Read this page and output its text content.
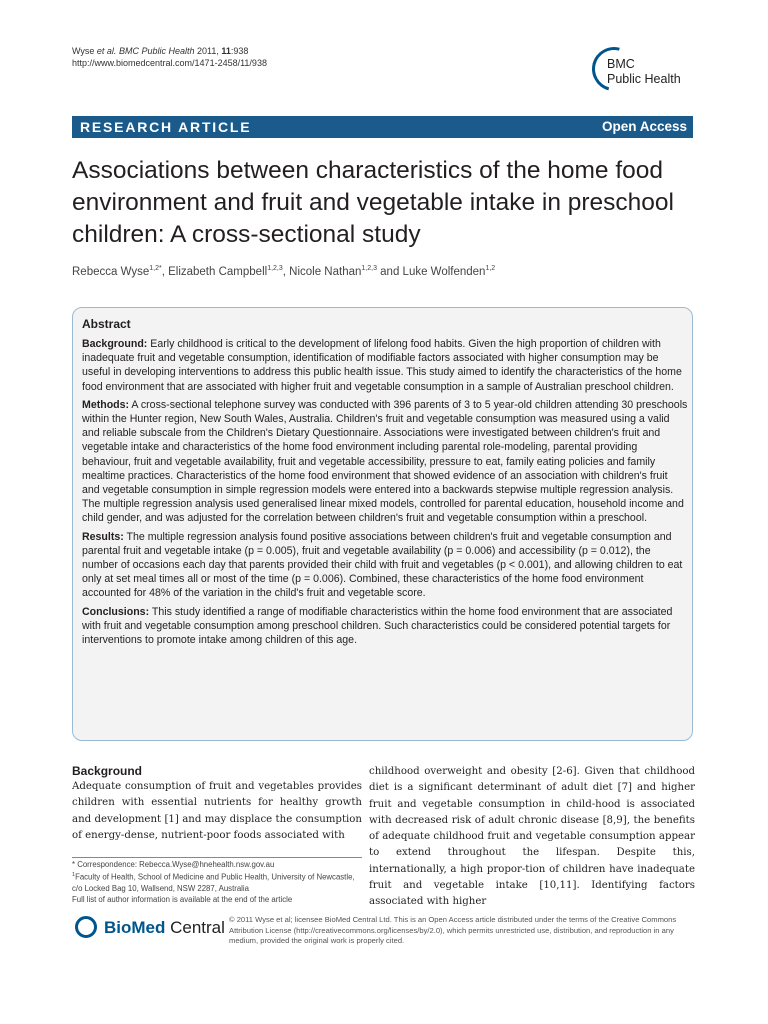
Wyse et al. BMC Public Health 2011, 11:938
http://www.biomedcentral.com/1471-2458/11/938	BMC
Public Health
RESEARCH ARTICLE	Open Access
Associations between characteristics of the home food environment and fruit and vegetable intake in preschool children: A cross-sectional study
Rebecca Wyse$^{1,2*}$, Elizabeth Campbell$^{1,2,3}$, Nicole Nathan$^{1,2,3}$ and Luke Wolfenden$^{1,2}$
Abstract

Background: Early childhood is critical to the development of lifelong food habits. Given the high proportion of children with inadequate fruit and vegetable consumption, identification of modifiable factors associated with higher consumption may be useful in developing interventions to address this public health issue. This study aimed to identify the characteristics of the home food environment that are associated with higher fruit and vegetable consumption in a sample of Australian preschool children.

Methods: A cross-sectional telephone survey was conducted with 396 parents of 3 to 5 year-old children attending 30 preschools within the Hunter region, New South Wales, Australia. Children's fruit and vegetable consumption was measured using a valid and reliable subscale from the Children's Dietary Questionnaire. Associations were investigated between children's fruit and vegetable intake and characteristics of the home food environment including parental role-modeling, parental providing behaviour, fruit and vegetable availability, fruit and vegetable accessibility, pressure to eat, family eating policies and family mealtime practices. Characteristics of the home food environment that showed evidence of an association with children's fruit and vegetable consumption in simple regression models were entered into a backwards stepwise multiple regression analysis. The multiple regression analysis used generalised linear mixed models, controlled for parental education, household income and child gender, and was adjusted for the correlation between children's fruit and vegetable consumption within a preschool.

Results: The multiple regression analysis found positive associations between children's fruit and vegetable consumption and parental fruit and vegetable intake (p = 0.005), fruit and vegetable availability (p = 0.006) and accessibility (p = 0.012), the number of occasions each day that parents provided their child with fruit and vegetables (p < 0.001), and allowing children to eat only at set meal times all or most of the time (p = 0.006). Combined, these characteristics of the home food environment accounted for 48% of the variation in the child's fruit and vegetable score.

Conclusions: This study identified a range of modifiable characteristics within the home food environment that are associated with fruit and vegetable consumption among preschool children. Such characteristics could be considered potential targets for interventions to promote intake among children of this age.

Background
Adequate consumption of fruit and vegetables provides children with essential nutrients for healthy growth and development [1] and may displace the consumption of energy-dense, nutrient-poor foods associated with
childhood overweight and obesity [2-6]. Given that childhood diet is a significant determinant of adult diet [7] and higher fruit and vegetable consumption in child-hood is associated with decreased risk of adult chronic disease [8,9], the benefits of adequate childhood fruit and vegetable consumption appear to extend throughout the lifespan. Despite this, internationally, a high propor-tion of children have inadequate fruit and vegetable intake [10,11]. Identifying factors associated with higher
* Correspondence: Rebecca.Wyse@hnehealth.nsw.gov.au
$^1$Faculty of Health, School of Medicine and Public Health, University of Newcastle, c/o Locked Bag 10, Wallsend, NSW 2287, Australia
Full list of author information is available at the end of the article
BioMed Central © 2011 Wyse et al; licensee BioMed Central Ltd. This is an Open Access article distributed under the terms of the Creative Commons Attribution License (http://creativecommons.org/licenses/by/2.0), which permits unrestricted use, distribution, and reproduction in any medium, provided the original work is properly cited.
